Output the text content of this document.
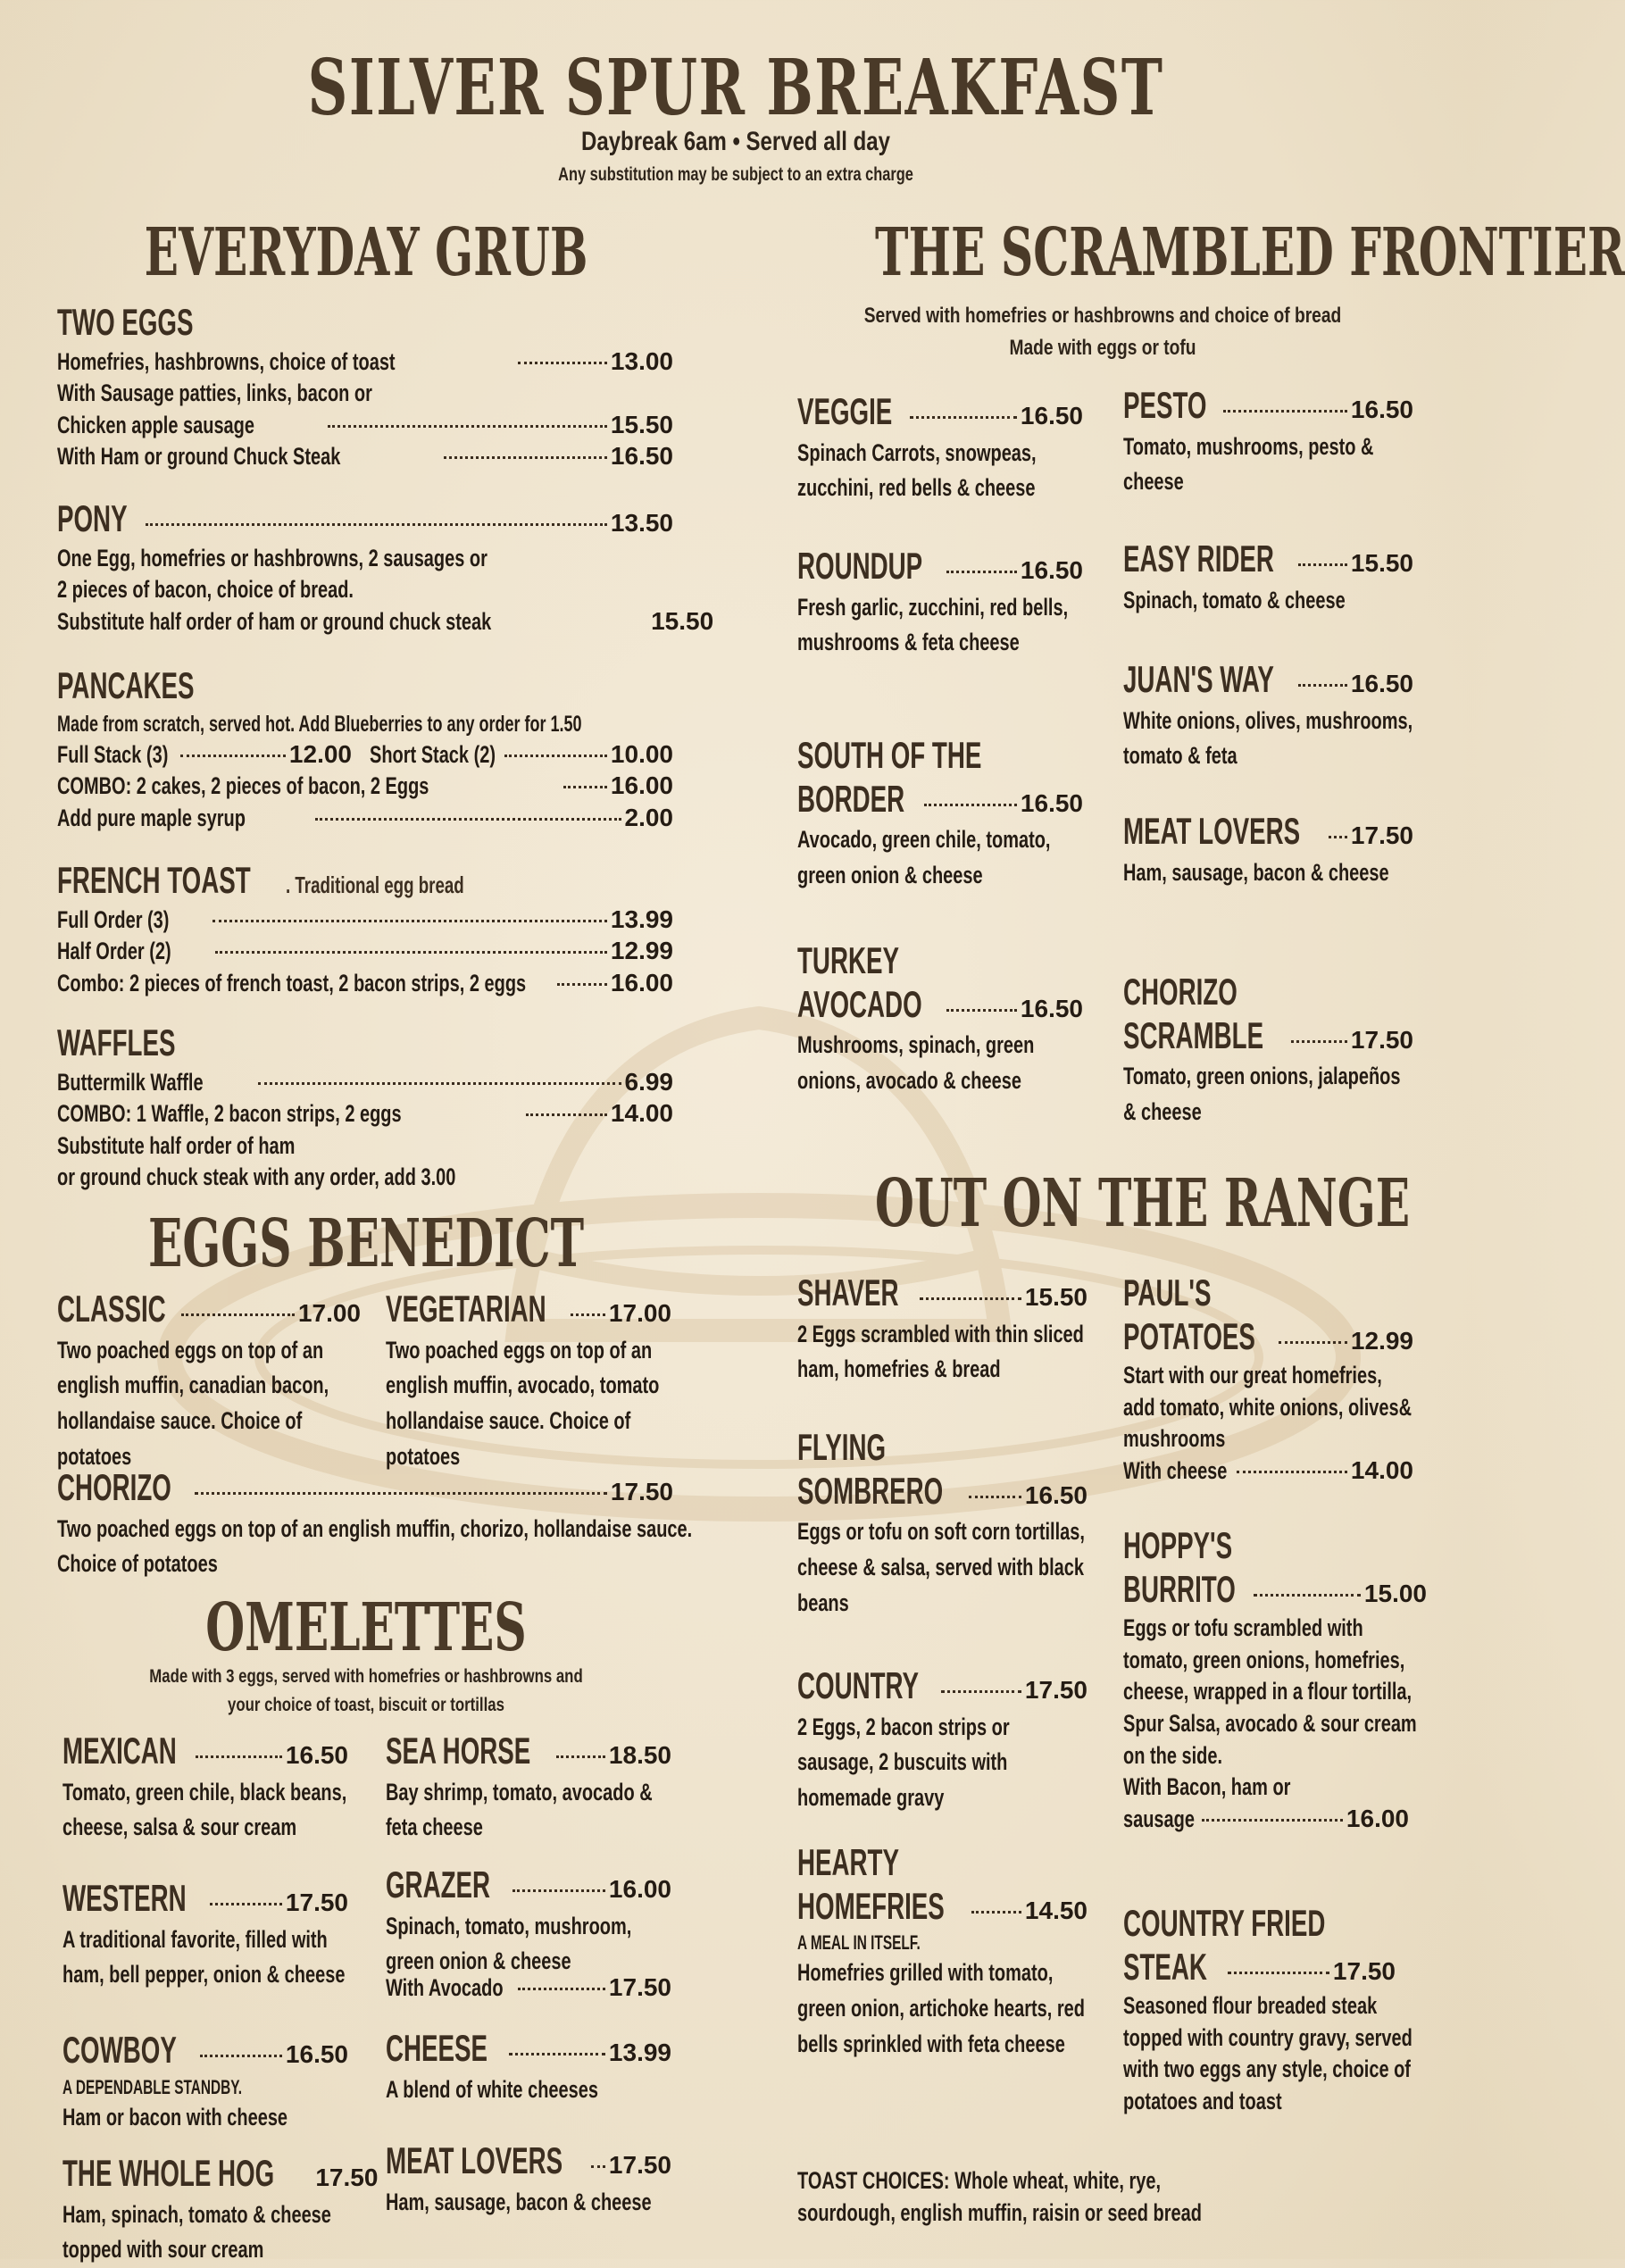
SILVER SPUR BREAKFAST
Daybreak 6am • Served all day
Any substitution may be subject to an extra charge
EVERYDAY GRUB
TWO EGGS
Homefries, hashbrowns, choice of toast	13.00
With Sausage patties, links, bacon or
Chicken apple sausage	15.50
With Ham or ground Chuck Steak	16.50
PONY	13.50
One Egg, homefries or hashbrowns, 2 sausages or
2 pieces of bacon, choice of bread.
Substitute half order of ham or ground chuck steak	15.50
PANCAKES
Made from scratch, served hot. Add Blueberries to any order for 1.50
Full Stack (3)	12.00 Short Stack (2)	10.00
COMBO: 2 cakes, 2 pieces of bacon, 2 Eggs	16.00
Add pure maple syrup	2.00
FRENCH TOAST . Traditional egg bread
Full Order (3)	13.99
Half Order (2)	12.99
Combo: 2 pieces of french toast, 2 bacon strips, 2 eggs	16.00
WAFFLES
Buttermilk Waffle	6.99
COMBO: 1 Waffle, 2 bacon strips, 2 eggs	14.00
Substitute half order of ham
or ground chuck steak with any order, add 3.00
EGGS BENEDICT
CLASSIC	17.00
Two poached eggs on top of an english muffin, canadian bacon, hollandaise sauce. Choice of potatoes
VEGETARIAN	17.00
Two poached eggs on top of an english muffin, avocado, tomato hollandaise sauce. Choice of potatoes
CHORIZO	17.50
Two poached eggs on top of an english muffin, chorizo, hollandaise sauce. Choice of potatoes
OMELETTES
Made with 3 eggs, served with homefries or hashbrowns and
your choice of toast, biscuit or tortillas
MEXICAN	16.50
Tomato, green chile, black beans, cheese, salsa & sour cream
SEA HORSE	18.50
Bay shrimp, tomato, avocado & feta cheese
WESTERN	17.50
A traditional favorite, filled with ham, bell pepper, onion & cheese
GRAZER	16.00
Spinach, tomato, mushroom, green onion & cheese
With Avocado	17.50
COWBOY	16.50
A DEPENDABLE STANDBY.
Ham or bacon with cheese
CHEESE	13.99
A blend of white cheeses
THE WHOLE HOG 17.50
Ham, spinach, tomato & cheese topped with sour cream
MEAT LOVERS 17.50
Ham, sausage, bacon & cheese
THE SCRAMBLED FRONTIER
Served with homefries or hashbrowns and choice of bread
Made with eggs or tofu
VEGGIE	16.50
Spinach Carrots, snowpeas, zucchini, red bells & cheese
PESTO	16.50
Tomato, mushrooms, pesto & cheese
ROUNDUP	16.50
Fresh garlic, zucchini, red bells, mushrooms & feta cheese
EASY RIDER	15.50
Spinach, tomato & cheese
JUAN'S WAY	16.50
White onions, olives, mushrooms, tomato & feta
SOUTH OF THE
BORDER	16.50
Avocado, green chile, tomato, green onion & cheese
MEAT LOVERS 17.50
Ham, sausage, bacon & cheese
TURKEY
AVOCADO	16.50
Mushrooms, spinach, green onions, avocado & cheese
CHORIZO
SCRAMBLE	17.50
Tomato, green onions, jalapeños & cheese
OUT ON THE RANGE
SHAVER	15.50
2 Eggs scrambled with thin sliced ham, homefries & bread
PAUL'S
POTATOES	12.99
Start with our great homefries, add tomato, white onions, olives& mushrooms
With cheese	14.00
FLYING
SOMBRERO	16.50
Eggs or tofu on soft corn tortillas, cheese & salsa, served with black beans
HOPPY'S
BURRITO	15.00
Eggs or tofu scrambled with tomato, green onions, homefries, cheese, wrapped in a flour tortilla, Spur Salsa, avocado & sour cream on the side.
With Bacon, ham or
sausage	16.00
COUNTRY	17.50
2 Eggs, 2 bacon strips or sausage, 2 buscuits with homemade gravy
HEARTY
HOMEFRIES	14.50
A MEAL IN ITSELF.
Homefries grilled with tomato, green onion, artichoke hearts, red bells sprinkled with feta cheese
COUNTRY FRIED
STEAK	17.50
Seasoned flour breaded steak topped with country gravy, served with two eggs any style, choice of potatoes and toast
TOAST CHOICES: Whole wheat, white, rye,
sourdough, english muffin, raisin or seed bread
